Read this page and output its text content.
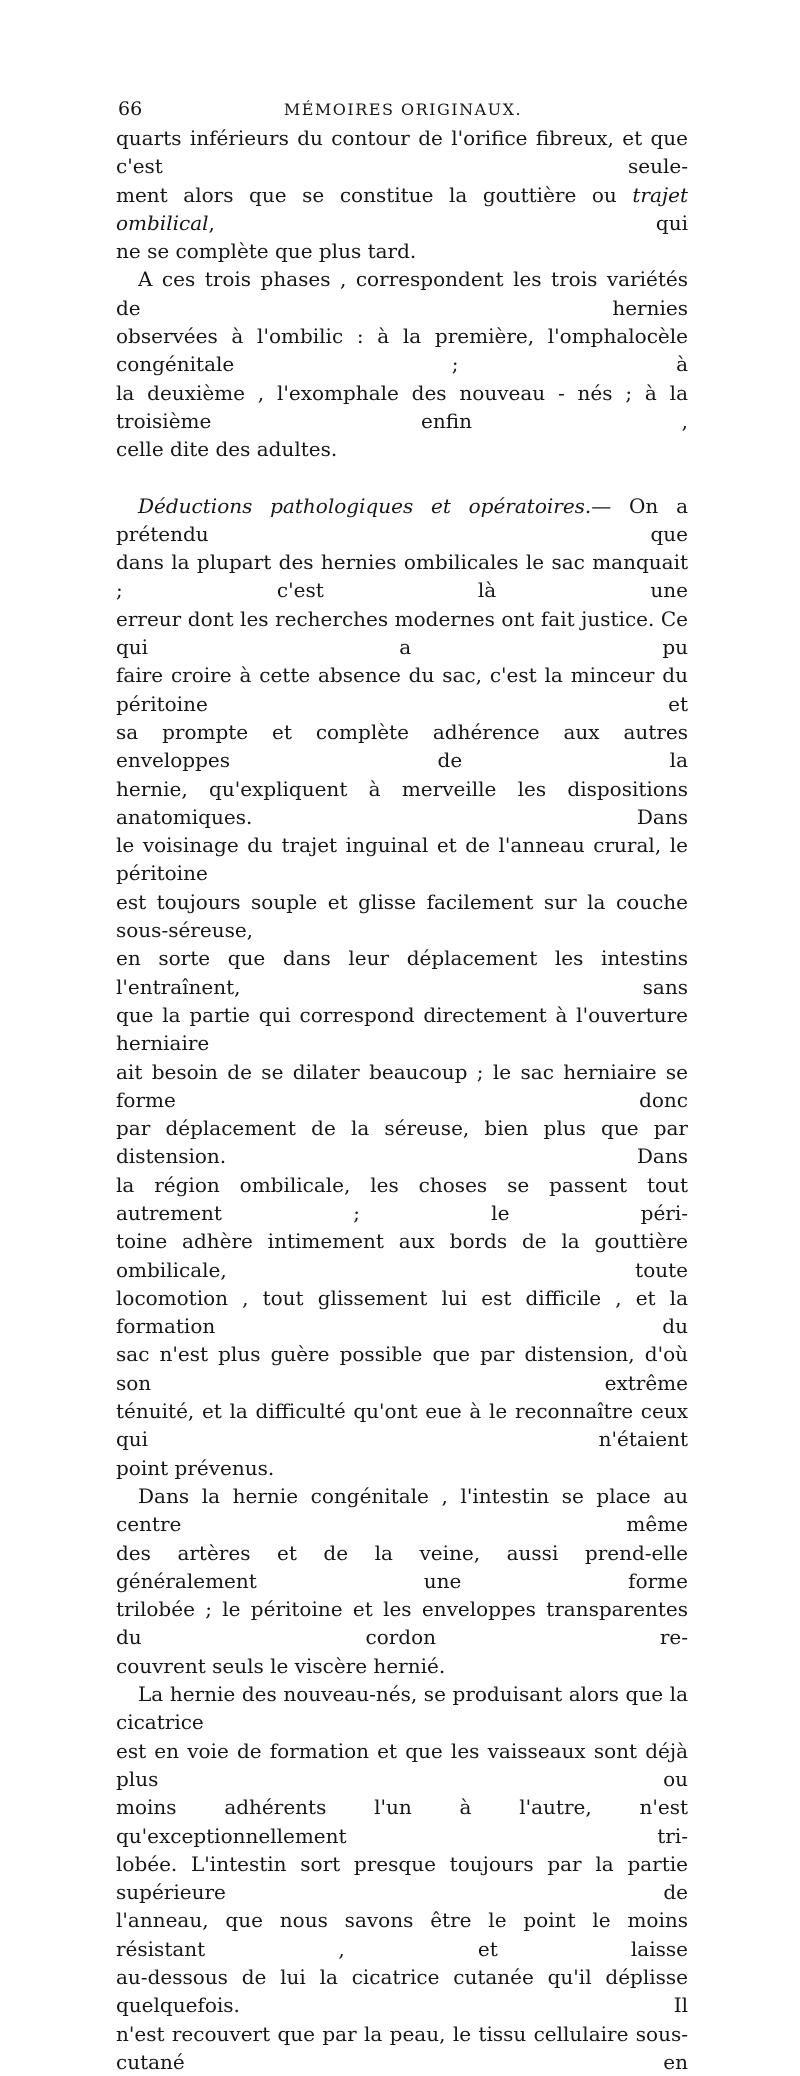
66	MÉMOIRES ORIGINAUX.

quarts inférieurs du contour de l'orifice fibreux, et que c'est seule-
ment alors que se constitue la gouttière ou trajet ombilical, qui
ne se complète que plus tard.

A ces trois phases , correspondent les trois variétés de hernies
observées à l'ombilic : à la première, l'omphalocèle congénitale ; à
la deuxième , l'exomphale des nouveau - nés ; à la troisième enfin ,
celle dite des adultes.

Déductions pathologiques et opératoires.— On a prétendu que
dans la plupart des hernies ombilicales le sac manquait ; c'est là une
erreur dont les recherches modernes ont fait justice. Ce qui a pu
faire croire à cette absence du sac, c'est la minceur du péritoine et
sa prompte et complète adhérence aux autres enveloppes de la
hernie, qu'expliquent à merveille les dispositions anatomiques. Dans
le voisinage du trajet inguinal et de l'anneau crural, le péritoine
est toujours souple et glisse facilement sur la couche sous-séreuse,
en sorte que dans leur déplacement les intestins l'entraînent, sans
que la partie qui correspond directement à l'ouverture herniaire
ait besoin de se dilater beaucoup ; le sac herniaire se forme donc
par déplacement de la séreuse, bien plus que par distension. Dans
la région ombilicale, les choses se passent tout autrement ; le péri-
toine adhère intimement aux bords de la gouttière ombilicale, toute
locomotion , tout glissement lui est difficile , et la formation du
sac n'est plus guère possible que par distension, d'où son extrême
ténuité, et la difficulté qu'ont eue à le reconnaître ceux qui n'étaient
point prévenus.

Dans la hernie congénitale , l'intestin se place au centre même
des artères et de la veine, aussi prend-elle généralement une forme
trilobée ; le péritoine et les enveloppes transparentes du cordon re-
couvrent seuls le viscère hernié.

La hernie des nouveau-nés, se produisant alors que la cicatrice
est en voie de formation et que les vaisseaux sont déjà plus ou
moins adhérents l'un à l'autre, n'est qu'exceptionnellement tri-
lobée. L'intestin sort presque toujours par la partie supérieure de
l'anneau, que nous savons être le point le moins résistant , et laisse
au-dessous de lui la cicatrice cutanée qu'il déplisse quelquefois. Il
n'est recouvert que par la peau, le tissu cellulaire sous-cutané en
